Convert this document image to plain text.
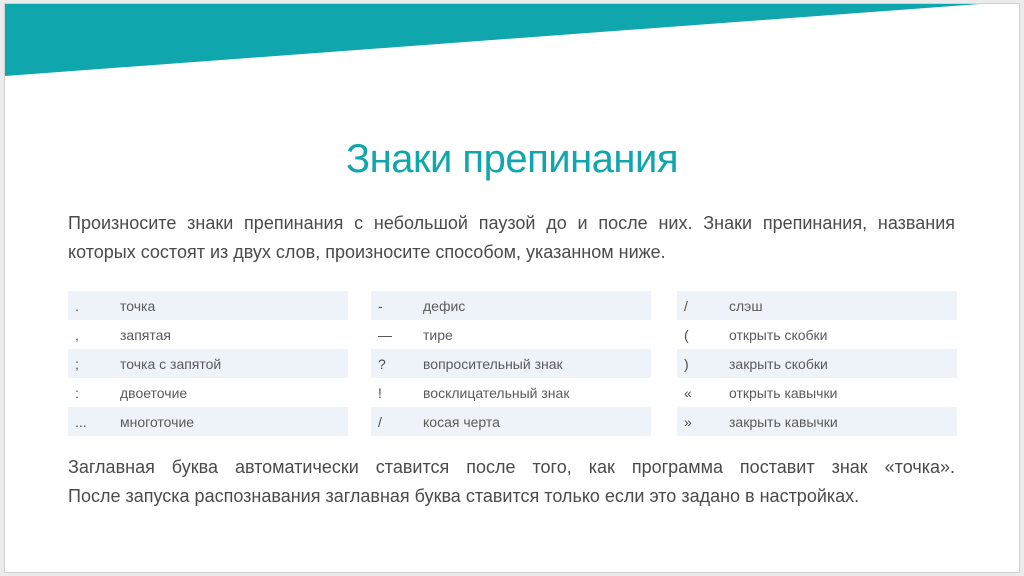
Знаки препинания
Произносите знаки препинания с небольшой паузой до и после них. Знаки препинания, названия
которых состоят из двух слов, произносите способом, указанном ниже.
.	точка
,	запятая
;	точка с запятой
:	двоеточие
...	многоточие
-	дефис
—	тире
?	вопросительный знак
!	восклицательный знак
/	косая черта
/	слэш
(	открыть скобки
)	закрыть скобки
«	открыть кавычки
»	закрыть кавычки
Заглавная буква автоматически ставится после того, как программа поставит знак «точка».
После запуска распознавания заглавная буква ставится только если это задано в настройках.
